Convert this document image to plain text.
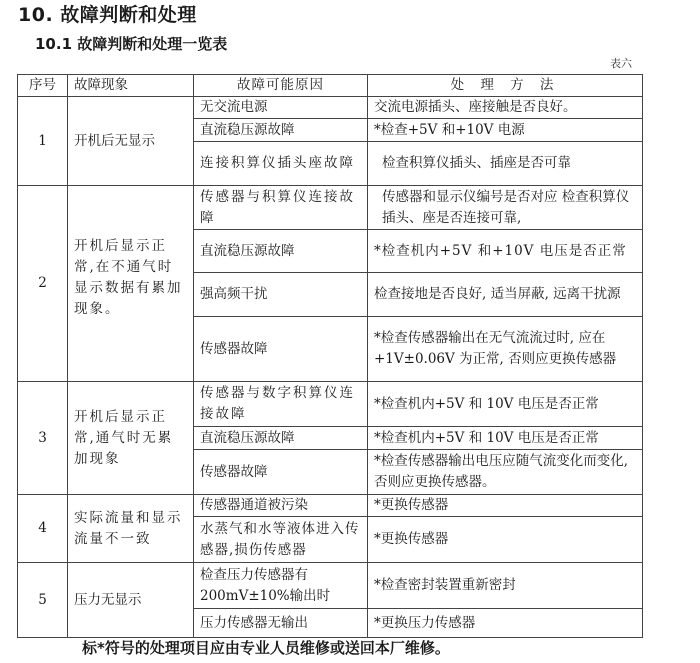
10. 故障判断和处理
10.1 故障判断和处理一览表
表六
序号	故障现象	故障可能原因	处 理 方 法
1	开机后无显示	无交流电源	交流电源插头、座接触是否良好。
		直流稳压源故障	*检查+5V 和+10V 电源
		连接积算仪插头座故障	检查积算仪插头、插座是否可靠
2	开机后显示正常,在不通气时显示数据有累加现象。	传感器与积算仪连接故障	传感器和显示仪编号是否对应 检查积算仪插头、座是否连接可靠,
		直流稳压源故障	*检查机内+5V 和+10V 电压是否正常
		强高频干扰	检查接地是否良好, 适当屏蔽, 远离干扰源
		传感器故障	*检查传感器输出在无气流流过时, 应在+1V±0.06V 为正常, 否则应更换传感器
3	开机后显示正常,通气时无累加现象	传感器与数字积算仪连接故障	*检查机内+5V 和 10V 电压是否正常
		直流稳压源故障	*检查机内+5V 和 10V 电压是否正常
		传感器故障	*检查传感器输出电压应随气流变化而变化, 否则应更换传感器。
4	实际流量和显示流量不一致	传感器通道被污染	*更换传感器
		水蒸气和水等液体进入传感器,损伤传感器	*更换传感器
5	压力无显示	检查压力传感器有200mV±10%输出时	*检查密封装置重新密封
		压力传感器无输出	*更换压力传感器
标*符号的处理项目应由专业人员维修或送回本厂维修。
